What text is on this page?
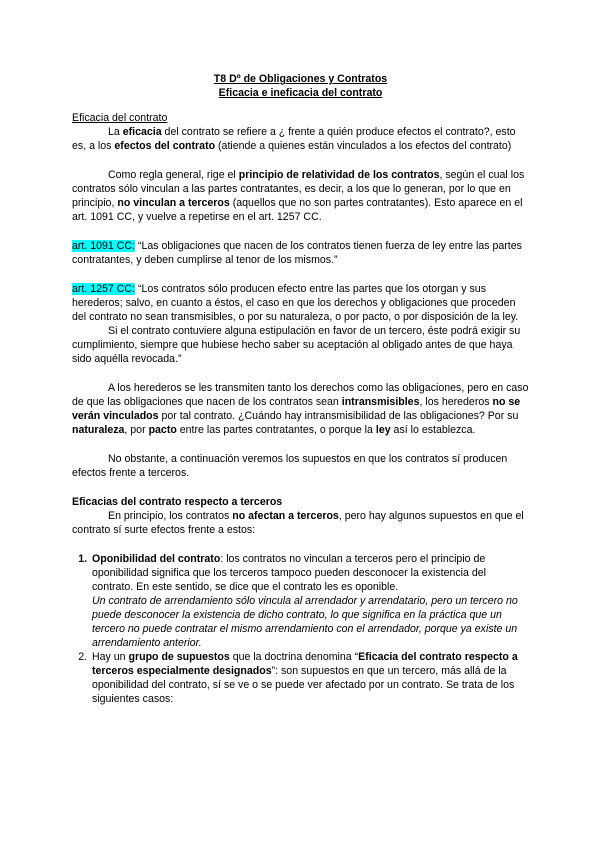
T8 Dº de Obligaciones y Contratos

Eficacia e ineficacia del contrato

Eficacia del contrato

La eficacia del contrato se refiere a ¿ frente a quién produce efectos el contrato?, esto es, a los efectos del contrato (atiende a quienes están vinculados a los efectos del contrato)

Como regla general, rige el principio de relatividad de los contratos, según el cual los contratos sólo vinculan a las partes contratantes, es decir, a los que lo generan, por lo que en principio, no vinculan a terceros (aquellos que no son partes contratantes). Esto aparece en el art. 1091 CC, y vuelve a repetirse en el art. 1257 CC.

art. 1091 CC: “Las obligaciones que nacen de los contratos tienen fuerza de ley entre las partes contratantes, y deben cumplirse al tenor de los mismos.”

art. 1257 CC: “Los contratos sólo producen efecto entre las partes que los otorgan y sus herederos; salvo, en cuanto a éstos, el caso en que los derechos y obligaciones que proceden del contrato no sean transmisibles, o por su naturaleza, o por pacto, o por disposición de la ley.

Si el contrato contuviere alguna estipulación en favor de un tercero, éste podrá exigir su cumplimiento, siempre que hubiese hecho saber su aceptación al obligado antes de que haya sido aquélla revocada.”

A los herederos se les transmiten tanto los derechos como las obligaciones, pero en caso de que las obligaciones que nacen de los contratos sean intransmisibles, los herederos no se verán vinculados por tal contrato. ¿Cuándo hay intransmisibilidad de las obligaciones? Por su naturaleza, por pacto entre las partes contratantes, o porque la ley así lo establezca.

No obstante, a continuación veremos los supuestos en que los contratos sí producen efectos frente a terceros.

Eficacias del contrato respecto a terceros

En principio, los contratos no afectan a terceros, pero hay algunos supuestos en que el contrato sí surte efectos frente a estos:

1. Oponibilidad del contrato: los contratos no vinculan a terceros pero el principio de oponibilidad significa que los terceros tampoco pueden desconocer la existencia del contrato. En este sentido, se dice que el contrato les es oponible.
Un contrato de arrendamiento sólo vincula al arrendador y arrendatario, pero un tercero no puede desconocer la existencia de dicho contrato, lo que significa en la práctica que un tercero no puede contratar el mismo arrendamiento con el arrendador, porque ya existe un arrendamiento anterior.
2. Hay un grupo de supuestos que la doctrina denomina “Eficacia del contrato respecto a terceros especialmente designados”: son supuestos en que un tercero, más allá de la oponibilidad del contrato, sí se ve o se puede ver afectado por un contrato. Se trata de los siguientes casos:
